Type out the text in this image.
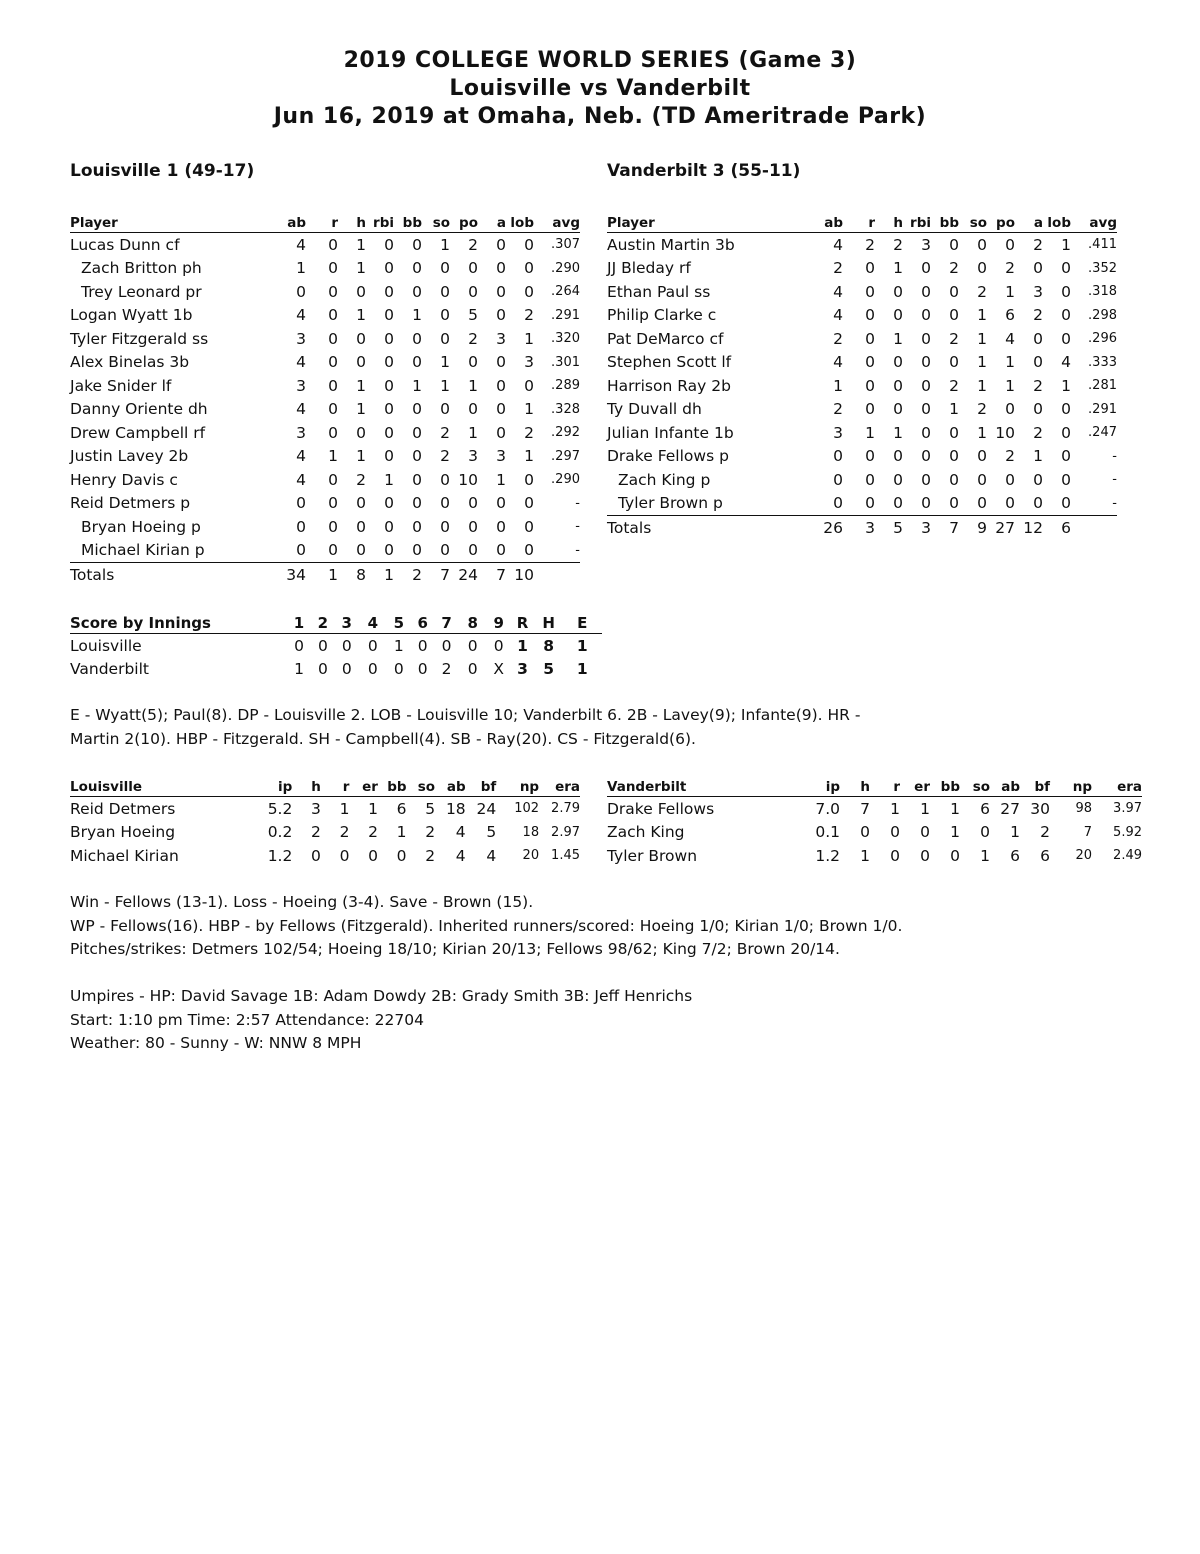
2019 COLLEGE WORLD SERIES (Game 3)
Louisville vs Vanderbilt
Jun 16, 2019 at Omaha, Neb. (TD Ameritrade Park)
Louisville 1 (49-17)	Vanderbilt 3 (55-11)
Player	ab	r	h	rbi	bb	so	po	a	lob	avg
Lucas Dunn cf	4	0	1	0	0	1	2	0	0	.307
Zach Britton ph	1	0	1	0	0	0	0	0	0	.290
Trey Leonard pr	0	0	0	0	0	0	0	0	0	.264
Logan Wyatt 1b	4	0	1	0	1	0	5	0	2	.291
Tyler Fitzgerald ss	3	0	0	0	0	0	2	3	1	.320
Alex Binelas 3b	4	0	0	0	0	1	0	0	3	.301
Jake Snider lf	3	0	1	0	1	1	1	0	0	.289
Danny Oriente dh	4	0	1	0	0	0	0	0	1	.328
Drew Campbell rf	3	0	0	0	0	2	1	0	2	.292
Justin Lavey 2b	4	1	1	0	0	2	3	3	1	.297
Henry Davis c	4	0	2	1	0	0	10	1	0	.290
Reid Detmers p	0	0	0	0	0	0	0	0	0	-
Bryan Hoeing p	0	0	0	0	0	0	0	0	0	-
Michael Kirian p	0	0	0	0	0	0	0	0	0	-
Totals	34	1	8	1	2	7	24	7	10	
Player	ab	r	h	rbi	bb	so	po	a	lob	avg
Austin Martin 3b	4	2	2	3	0	0	0	2	1	.411
JJ Bleday rf	2	0	1	0	2	0	2	0	0	.352
Ethan Paul ss	4	0	0	0	0	2	1	3	0	.318
Philip Clarke c	4	0	0	0	0	1	6	2	0	.298
Pat DeMarco cf	2	0	1	0	2	1	4	0	0	.296
Stephen Scott lf	4	0	0	0	0	1	1	0	4	.333
Harrison Ray 2b	1	0	0	0	2	1	1	2	1	.281
Ty Duvall dh	2	0	0	0	1	2	0	0	0	.291
Julian Infante 1b	3	1	1	0	0	1	10	2	0	.247
Drake Fellows p	0	0	0	0	0	0	2	1	0	-
Zach King p	0	0	0	0	0	0	0	0	0	-
Tyler Brown p	0	0	0	0	0	0	0	0	0	-
Totals	26	3	5	3	7	9	27	12	6	
Score by Innings	1	2	3	4	5	6	7	8	9	R	H	E
Louisville	0	0	0	0	1	0	0	0	0	1	8	1
Vanderbilt	1	0	0	0	0	0	2	0	X	3	5	1
E - Wyatt(5); Paul(8). DP - Louisville 2. LOB - Louisville 10; Vanderbilt 6. 2B - Lavey(9); Infante(9). HR -
Martin 2(10). HBP - Fitzgerald. SH - Campbell(4). SB - Ray(20). CS - Fitzgerald(6).
Louisville	ip	h	r	er	bb	so	ab	bf	np	era
Reid Detmers	5.2	3	1	1	6	5	18	24	102	2.79
Bryan Hoeing	0.2	2	2	2	1	2	4	5	18	2.97
Michael Kirian	1.2	0	0	0	0	2	4	4	20	1.45
Vanderbilt	ip	h	r	er	bb	so	ab	bf	np	era
Drake Fellows	7.0	7	1	1	1	6	27	30	98	3.97
Zach King	0.1	0	0	0	1	0	1	2	7	5.92
Tyler Brown	1.2	1	0	0	0	1	6	6	20	2.49
Win - Fellows (13-1). Loss - Hoeing (3-4). Save - Brown (15).
WP - Fellows(16). HBP - by Fellows (Fitzgerald). Inherited runners/scored: Hoeing 1/0; Kirian 1/0; Brown 1/0.
Pitches/strikes: Detmers 102/54; Hoeing 18/10; Kirian 20/13; Fellows 98/62; King 7/2; Brown 20/14.
Umpires - HP: David Savage 1B: Adam Dowdy 2B: Grady Smith 3B: Jeff Henrichs
Start: 1:10 pm Time: 2:57 Attendance: 22704
Weather: 80 - Sunny - W: NNW 8 MPH
